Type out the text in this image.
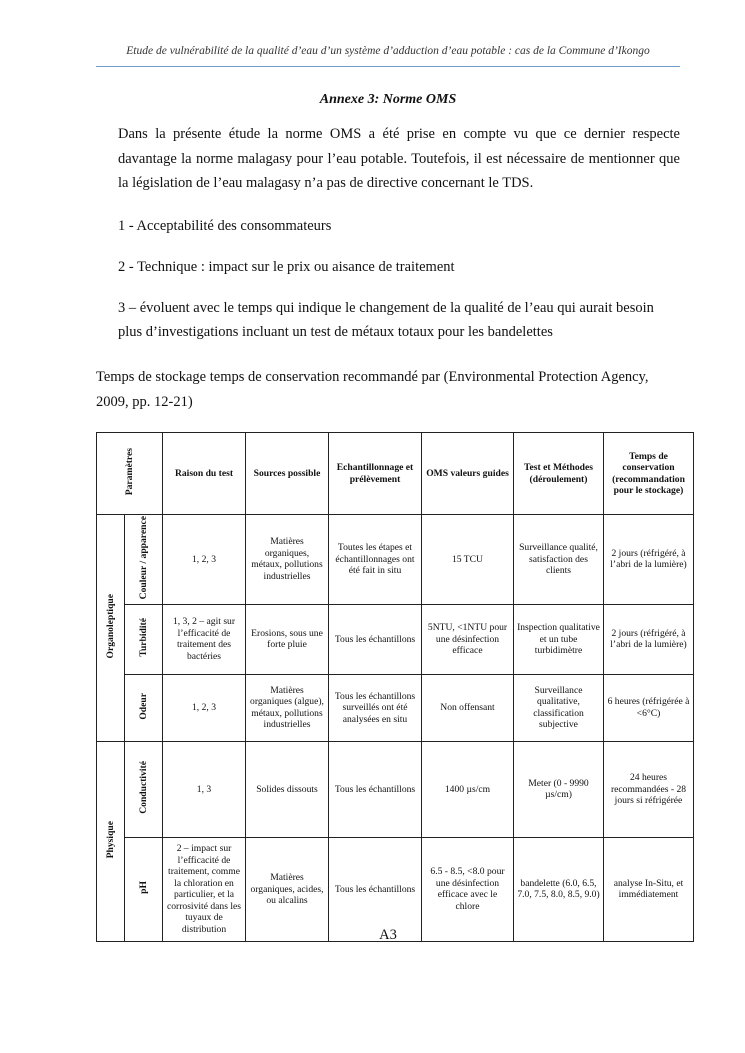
Etude de vulnérabilité de la qualité d’eau d’un système d’adduction d’eau potable : cas de la Commune d’Ikongo
Annexe 3: Norme OMS
Dans la présente étude la norme OMS a été prise en compte vu que ce dernier respecte davantage la norme malagasy pour l’eau potable. Toutefois, il est nécessaire de mentionner que la législation de l’eau malagasy n’a pas de directive concernant le TDS.
1 - Acceptabilité des consommateurs
2 - Technique : impact sur le prix ou aisance de traitement
3 – évoluent avec le temps qui indique le changement de la qualité de l’eau qui aurait besoin
plus d’investigations incluant un test de métaux totaux pour les bandelettes
Temps de stockage temps de conservation recommandé par (Environmental Protection Agency,
2009, pp. 12-21)
Paramètres		Raison du test	Sources possible	Echantillonnage et prélèvement	OMS valeurs guides	Test et Méthodes (déroulement)	Temps de conservation (recommandation pour le stockage)
Organoleptique	Couleur / apparence	1, 2, 3	Matières organiques, métaux, pollutions industrielles	Toutes les étapes et échantillonnages ont été fait in situ	15 TCU	Surveillance qualité, satisfaction des clients	2 jours (réfrigéré, à l’abri de la lumière)
	Turbidité	1, 3, 2 – agit sur l’efficacité de traitement des bactéries	Erosions, sous une forte pluie	Tous les échantillons	5NTU, <1NTU pour une désinfection efficace	Inspection qualitative et un tube turbidimètre	2 jours (réfrigéré, à l’abri de la lumière)
	Odeur	1, 2, 3	Matières organiques (algue), métaux, pollutions industrielles	Tous les échantillons surveillés ont été analysées en situ	Non offensant	Surveillance qualitative, classification subjective	6 heures (réfrigérée à <6°C)
Physique	Conductivité	1, 3	Solides dissouts	Tous les échantillons	1400 µs/cm	Meter (0 - 9990 µs/cm)	24 heures recommandées - 28 jours si réfrigérée
	pH	2 – impact sur l’efficacité de traitement, comme la chloration en particulier, et la corrosivité dans les tuyaux de distribution	Matières organiques, acides, ou alcalins	Tous les échantillons	6.5 - 8.5, <8.0 pour une désinfection efficace avec le chlore	bandelette (6.0, 6.5, 7.0, 7.5, 8.0, 8.5, 9.0)	analyse In-Situ, et immédiatement
A3
